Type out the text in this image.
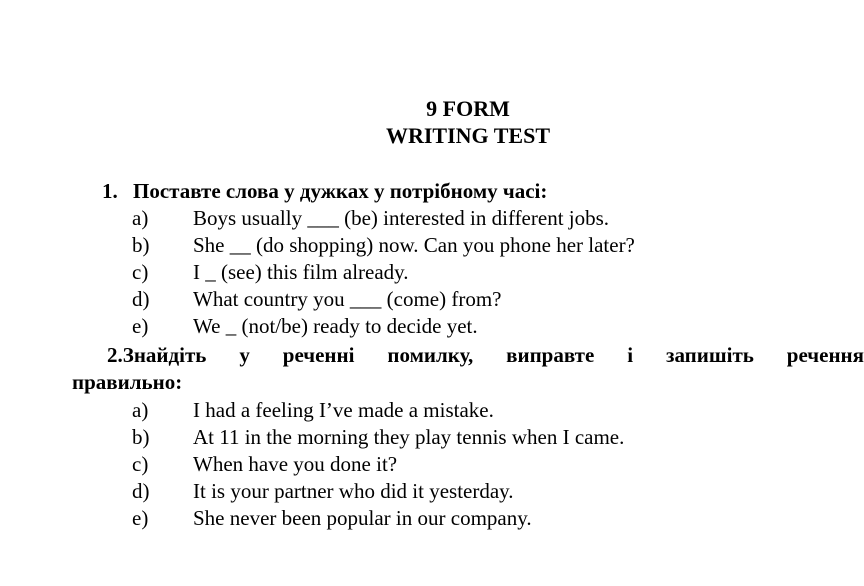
9 FORM
WRITING TEST
1. Поставте слова у дужках у потрібному часі:
a)	Boys usually ___ (be) interested in different jobs.
b)	She __ (do shopping) now. Can you phone her later?
c)	I _ (see) this film already.
d)	What country you ___ (come) from?
e)	We _ (not/be) ready to decide yet.
2.Знайдіть у реченні помилку, виправте і запишіть речення
правильно:
a)	I had a feeling I’ve made a mistake.
b)	At 11 in the morning they play tennis when I came.
c)	When have you done it?
d)	It is your partner who did it yesterday.
e)	She never been popular in our company.
